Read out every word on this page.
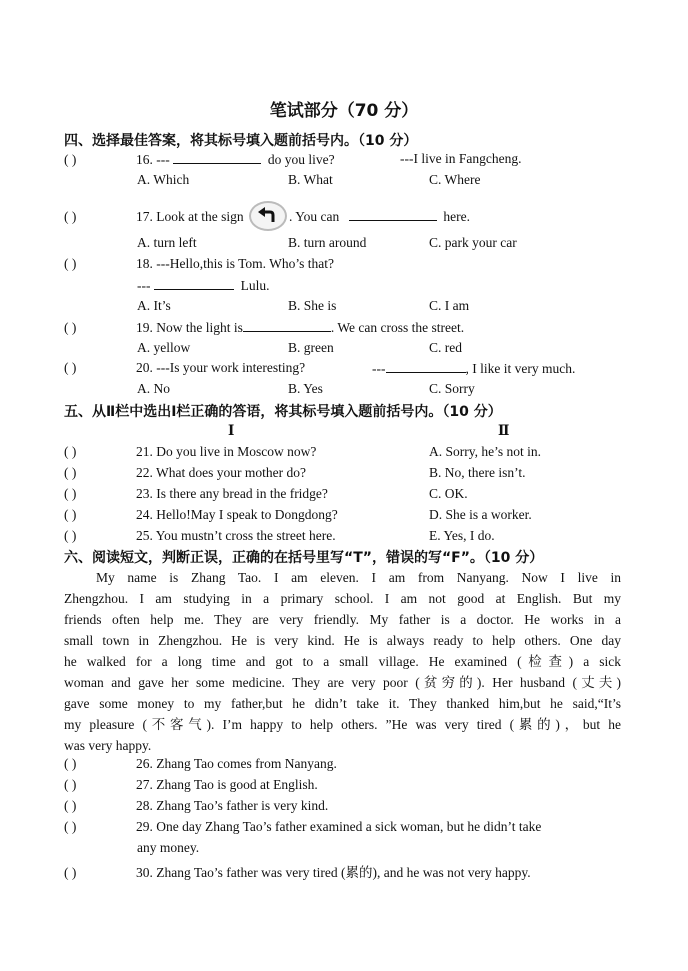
笔试部分（70 分）
四、选择最佳答案，将其标号填入题前括号内。（10 分）
( )	16. ---	do you live?	---I live in Fangcheng.
A. Which	B. What	C. Where
( )	17. Look at the sign	. You can	here.
A. turn left	B. turn around	C. park your car
( )	18. ---Hello,this is Tom. Who’s that?
---	Lulu.
A. It’s	B. She is	C. I am
( )	19. Now the light is	. We can cross the street.
A. yellow	B. green	C. red
( )	20. ---Is your work interesting?	---	, I like it very much.
A. No	B. Yes	C. Sorry
五、从Ⅱ栏中选出Ⅰ栏正确的答语，将其标号填入题前括号内。（10 分）
Ⅰ	Ⅱ
( )	21. Do you live in Moscow now?	A. Sorry, he’s not in.
( )	22. What does your mother do?	B. No, there isn’t.
( )	23. Is there any bread in the fridge?	C. OK.
( )	24. Hello!May I speak to Dongdong?	D. She is a worker.
( )	25. You mustn’t cross the street here.	E. Yes, I do.
六、阅读短文，判断正误，正确的在括号里写“T”，错误的写“F”。（10 分）
My name is Zhang Tao. I am eleven. I am from Nanyang. Now I live in
Zhengzhou. I am studying in a primary school. I am not good at English. But my
friends often help me. They are very friendly. My father is a doctor. He works in a
small town in Zhengzhou. He is very kind. He is always ready to help others. One day
he walked for a long time and got to a small village. He examined (检查) a sick
woman and gave her some medicine. They are very poor (贫穷的). Her husband (丈夫)
gave some money to my father,but he didn’t take it. They thanked him,but he said,“It’s
my pleasure (不客气). I’m happy to help others. ”He was very tired (累的)，but he
was very happy.
( )	26. Zhang Tao comes from Nanyang.
( )	27. Zhang Tao is good at English.
( )	28. Zhang Tao’s father is very kind.
( )	29. One day Zhang Tao’s father examined a sick woman, but he didn’t take
any money.
( )	30. Zhang Tao’s father was very tired (累的), and he was not very happy.
